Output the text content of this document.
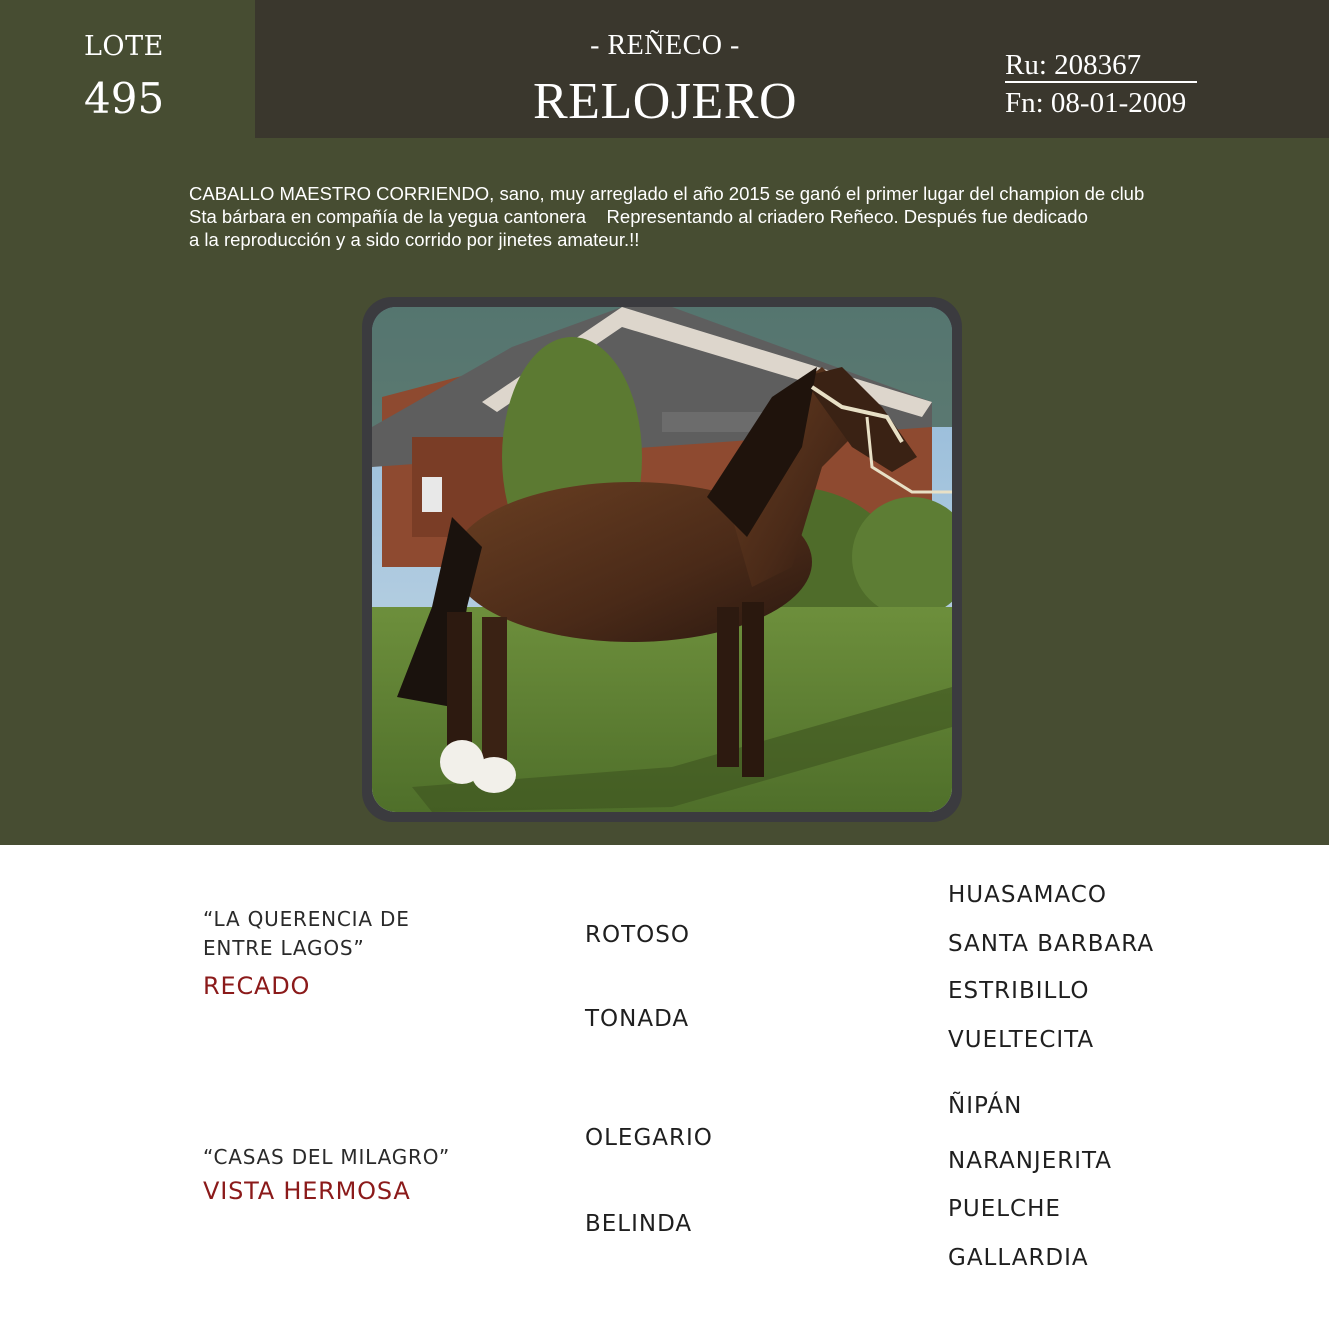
LOTE
495
- REÑECO -
RELOJERO
Ru: 208367
Fn: 08-01-2009
CABALLO MAESTRO CORRIENDO, sano, muy arreglado el año 2015 se ganó el primer lugar del champion de club
Sta bárbara en compañía de la yegua cantonera    Representando al criadero Reñeco. Después fue dedicado
a la reproducción y a sido corrido por jinetes amateur.!!
“LA QUERENCIA DE
ENTRE LAGOS”
RECADO
ROTOSO
TONADA
HUASAMACO
SANTA BARBARA
ESTRIBILLO
VUELTECITA
“CASAS DEL MILAGRO”
VISTA HERMOSA
OLEGARIO
BELINDA
ÑIPÁN
NARANJERITA
PUELCHE
GALLARDIA
